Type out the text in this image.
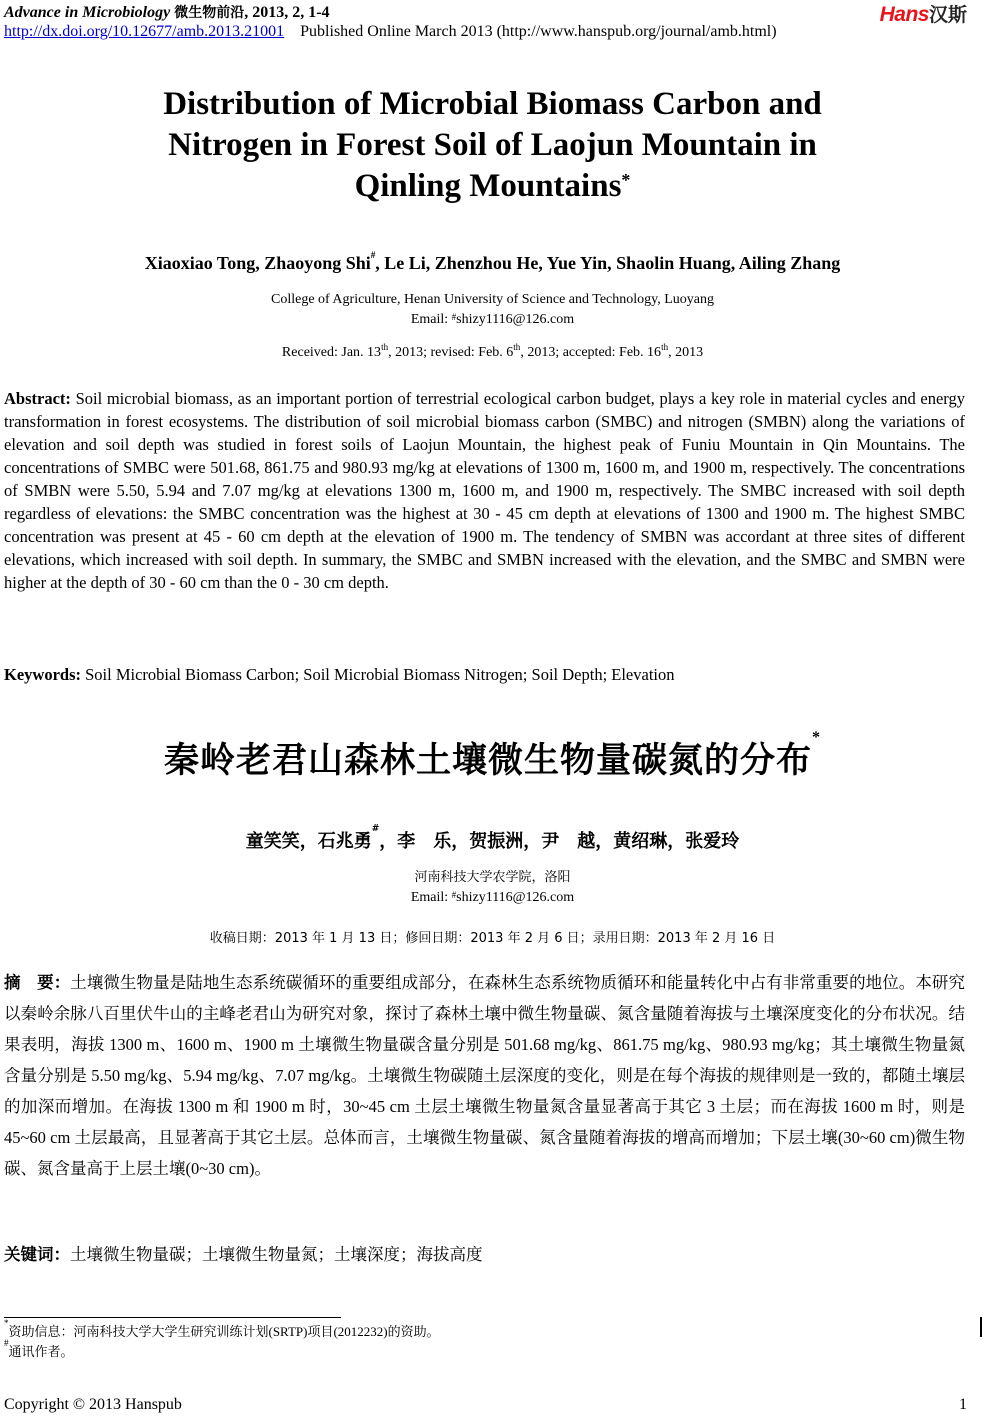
Advance in Microbiology 微生物前沿, 2013, 2, 1-4
http://dx.doi.org/10.12677/amb.2013.21001 Published Online March 2013 (http://www.hanspub.org/journal/amb.html)
Hans汉斯
Distribution of Microbial Biomass Carbon and
Nitrogen in Forest Soil of Laojun Mountain in
Qinling Mountains*
Xiaoxiao Tong, Zhaoyong Shi#, Le Li, Zhenzhou He, Yue Yin, Shaolin Huang, Ailing Zhang
College of Agriculture, Henan University of Science and Technology, Luoyang
Email: #shizy1116@126.com
Received: Jan. 13th, 2013; revised: Feb. 6th, 2013; accepted: Feb. 16th, 2013
Abstract: Soil microbial biomass, as an important portion of terrestrial ecological carbon budget, plays a key role in material cycles and energy transformation in forest ecosystems. The distribution of soil microbial biomass carbon (SMBC) and nitrogen (SMBN) along the variations of elevation and soil depth was studied in forest soils of Laojun Mountain, the highest peak of Funiu Mountain in Qin Mountains. The concentrations of SMBC were 501.68, 861.75 and 980.93 mg/kg at elevations of 1300 m, 1600 m, and 1900 m, respectively. The concentrations of SMBN were 5.50, 5.94 and 7.07 mg/kg at elevations 1300 m, 1600 m, and 1900 m, respectively. The SMBC increased with soil depth regardless of elevations: the SMBC concentration was the highest at 30 - 45 cm depth at elevations of 1300 and 1900 m. The highest SMBC concentration was present at 45 - 60 cm depth at the elevation of 1900 m. The tendency of SMBN was accordant at three sites of different elevations, which increased with soil depth. In summary, the SMBC and SMBN increased with the elevation, and the SMBC and SMBN were higher at the depth of 30 - 60 cm than the 0 - 30 cm depth.
Keywords: Soil Microbial Biomass Carbon; Soil Microbial Biomass Nitrogen; Soil Depth; Elevation
秦岭老君山森林土壤微生物量碳氮的分布*
童笑笑，石兆勇#，李　乐，贺振洲，尹　越，黄绍琳，张爱玲
河南科技大学农学院，洛阳
Email: #shizy1116@126.com
收稿日期：2013 年 1 月 13 日；修回日期：2013 年 2 月 6 日；录用日期：2013 年 2 月 16 日
摘　要：土壤微生物量是陆地生态系统碳循环的重要组成部分，在森林生态系统物质循环和能量转化中占有非常重要的地位。本研究以秦岭余脉八百里伏牛山的主峰老君山为研究对象，探讨了森林土壤中微生物量碳、氮含量随着海拔与土壤深度变化的分布状况。结果表明，海拔 1300 m、1600 m、1900 m 土壤微生物量碳含量分别是 501.68 mg/kg、861.75 mg/kg、980.93 mg/kg；其土壤微生物量氮含量分别是 5.50 mg/kg、5.94 mg/kg、7.07 mg/kg。土壤微生物碳随土层深度的变化，则是在每个海拔的规律则是一致的，都随土壤层的加深而增加。在海拔 1300 m 和 1900 m 时，30~45 cm 土层土壤微生物量氮含量显著高于其它 3 土层；而在海拔 1600 m 时，则是 45~60 cm 土层最高，且显著高于其它土层。总体而言，土壤微生物量碳、氮含量随着海拔的增高而增加；下层土壤(30~60 cm)微生物碳、氮含量高于上层土壤(0~30 cm)。
关键词：土壤微生物量碳；土壤微生物量氮；土壤深度；海拔高度
*资助信息：河南科技大学大学生研究训练计划(SRTP)项目(2012232)的资助。
#通讯作者。
Copyright © 2013 Hanspub	1
